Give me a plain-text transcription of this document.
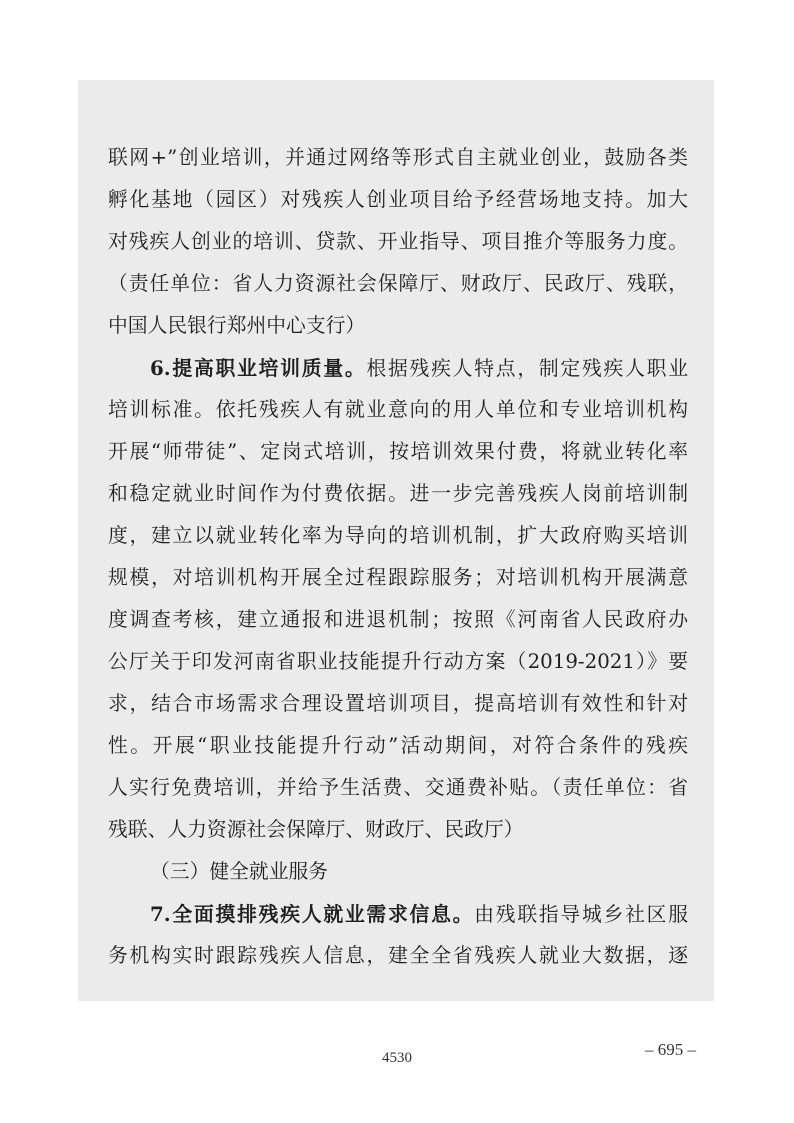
联网+”创业培训，并通过网络等形式自主就业创业，鼓励各类
孵化基地（园区）对残疾人创业项目给予经营场地支持。加大
对残疾人创业的培训、贷款、开业指导、项目推介等服务力度。
（责任单位：省人力资源社会保障厅、财政厅、民政厅、残联，
中国人民银行郑州中心支行）
6.提高职业培训质量。根据残疾人特点，制定残疾人职业
培训标准。依托残疾人有就业意向的用人单位和专业培训机构
开展“师带徒”、定岗式培训，按培训效果付费，将就业转化率
和稳定就业时间作为付费依据。进一步完善残疾人岗前培训制
度，建立以就业转化率为导向的培训机制，扩大政府购买培训
规模，对培训机构开展全过程跟踪服务；对培训机构开展满意
度调查考核，建立通报和进退机制；按照《河南省人民政府办
公厅关于印发河南省职业技能提升行动方案（2019-2021）》要
求，结合市场需求合理设置培训项目，提高培训有效性和针对
性。开展“职业技能提升行动”活动期间，对符合条件的残疾
人实行免费培训，并给予生活费、交通费补贴。（责任单位：省
残联、人力资源社会保障厅、财政厅、民政厅）
（三）健全就业服务
7.全面摸排残疾人就业需求信息。由残联指导城乡社区服
务机构实时跟踪残疾人信息，建全全省残疾人就业大数据，逐
– 695 –
4530
